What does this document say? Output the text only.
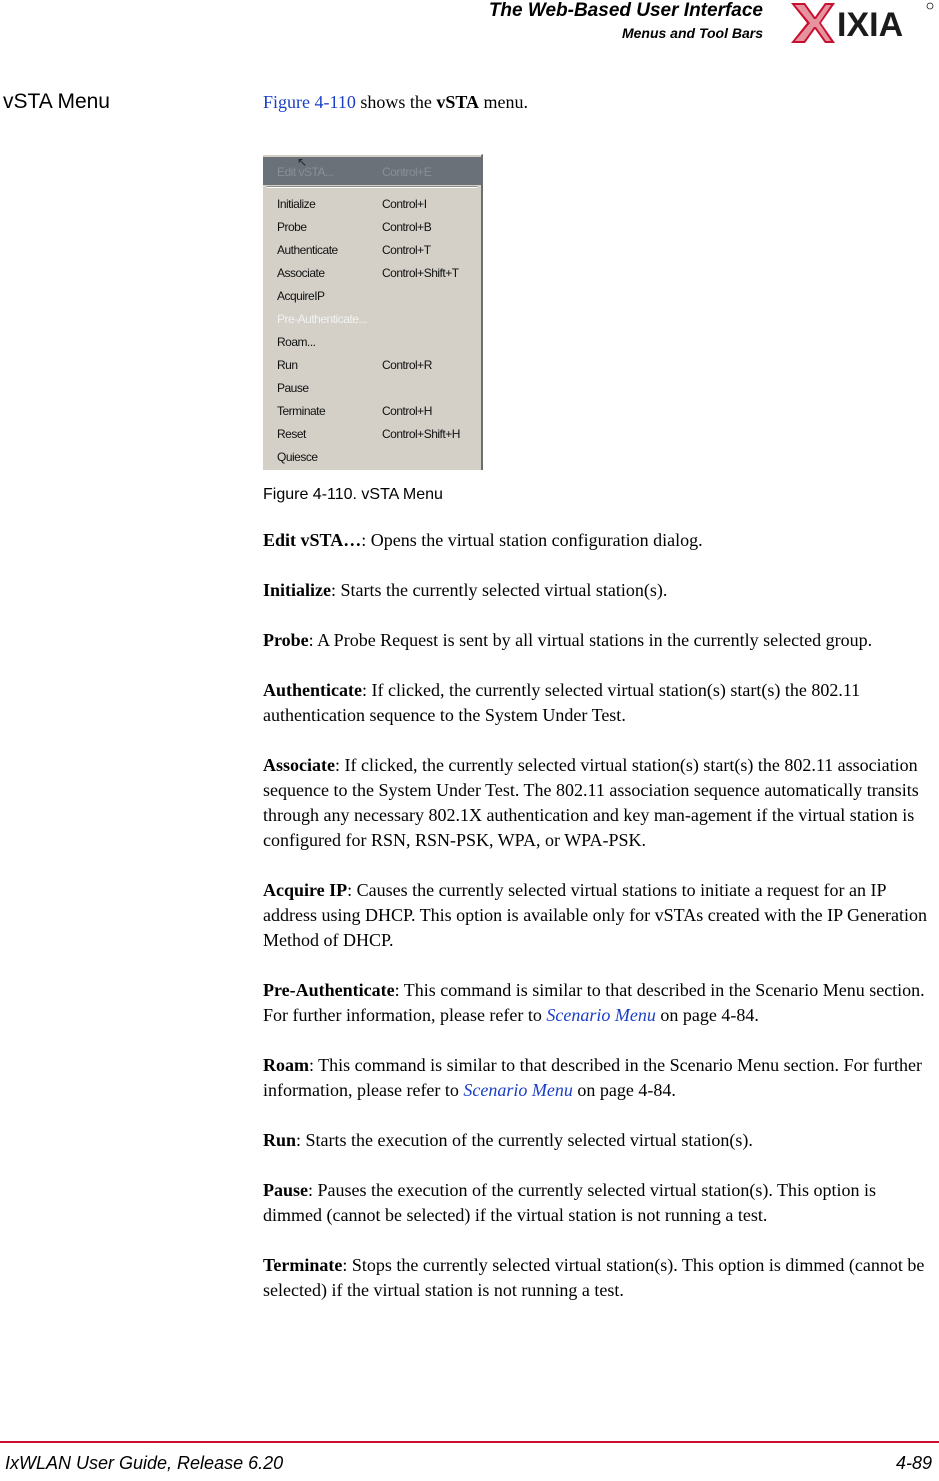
The Web-Based User Interface
Menus and Tool Bars IXIA
vSTA Menu	Figure 4-110 shows the vSTA menu.
Edit vSTA...	Control+E
↖
Initialize	Control+I
Probe	Control+B
Authenticate	Control+T
Associate	Control+Shift+T
AcquireIP
Pre-Authenticate...
Roam...
Run	Control+R
Pause
Terminate	Control+H
Reset	Control+Shift+H
Quiesce
Figure 4-110. vSTA Menu

Edit vSTA…: Opens the virtual station configuration dialog.

Initialize: Starts the currently selected virtual station(s).

Probe: A Probe Request is sent by all virtual stations in the currently selected group.

Authenticate: If clicked, the currently selected virtual station(s) start(s) the 802.11 authentication sequence to the System Under Test.

Associate: If clicked, the currently selected virtual station(s) start(s) the 802.11 association sequence to the System Under Test. The 802.11 association sequence automatically transits through any necessary 802.1X authentication and key man-agement if the virtual station is configured for RSN, RSN-PSK, WPA, or WPA-PSK.

Acquire IP: Causes the currently selected virtual stations to initiate a request for an IP address using DHCP. This option is available only for vSTAs created with the IP Generation Method of DHCP.

Pre-Authenticate: This command is similar to that described in the Scenario Menu section. For further information, please refer to Scenario Menu on page 4-84.

Roam: This command is similar to that described in the Scenario Menu section. For further information, please refer to Scenario Menu on page 4-84.

Run: Starts the execution of the currently selected virtual station(s).

Pause: Pauses the execution of the currently selected virtual station(s). This option is dimmed (cannot be selected) if the virtual station is not running a test.

Terminate: Stops the currently selected virtual station(s). This option is dimmed (cannot be selected) if the virtual station is not running a test.

IxWLAN User Guide, Release 6.20	4-89
